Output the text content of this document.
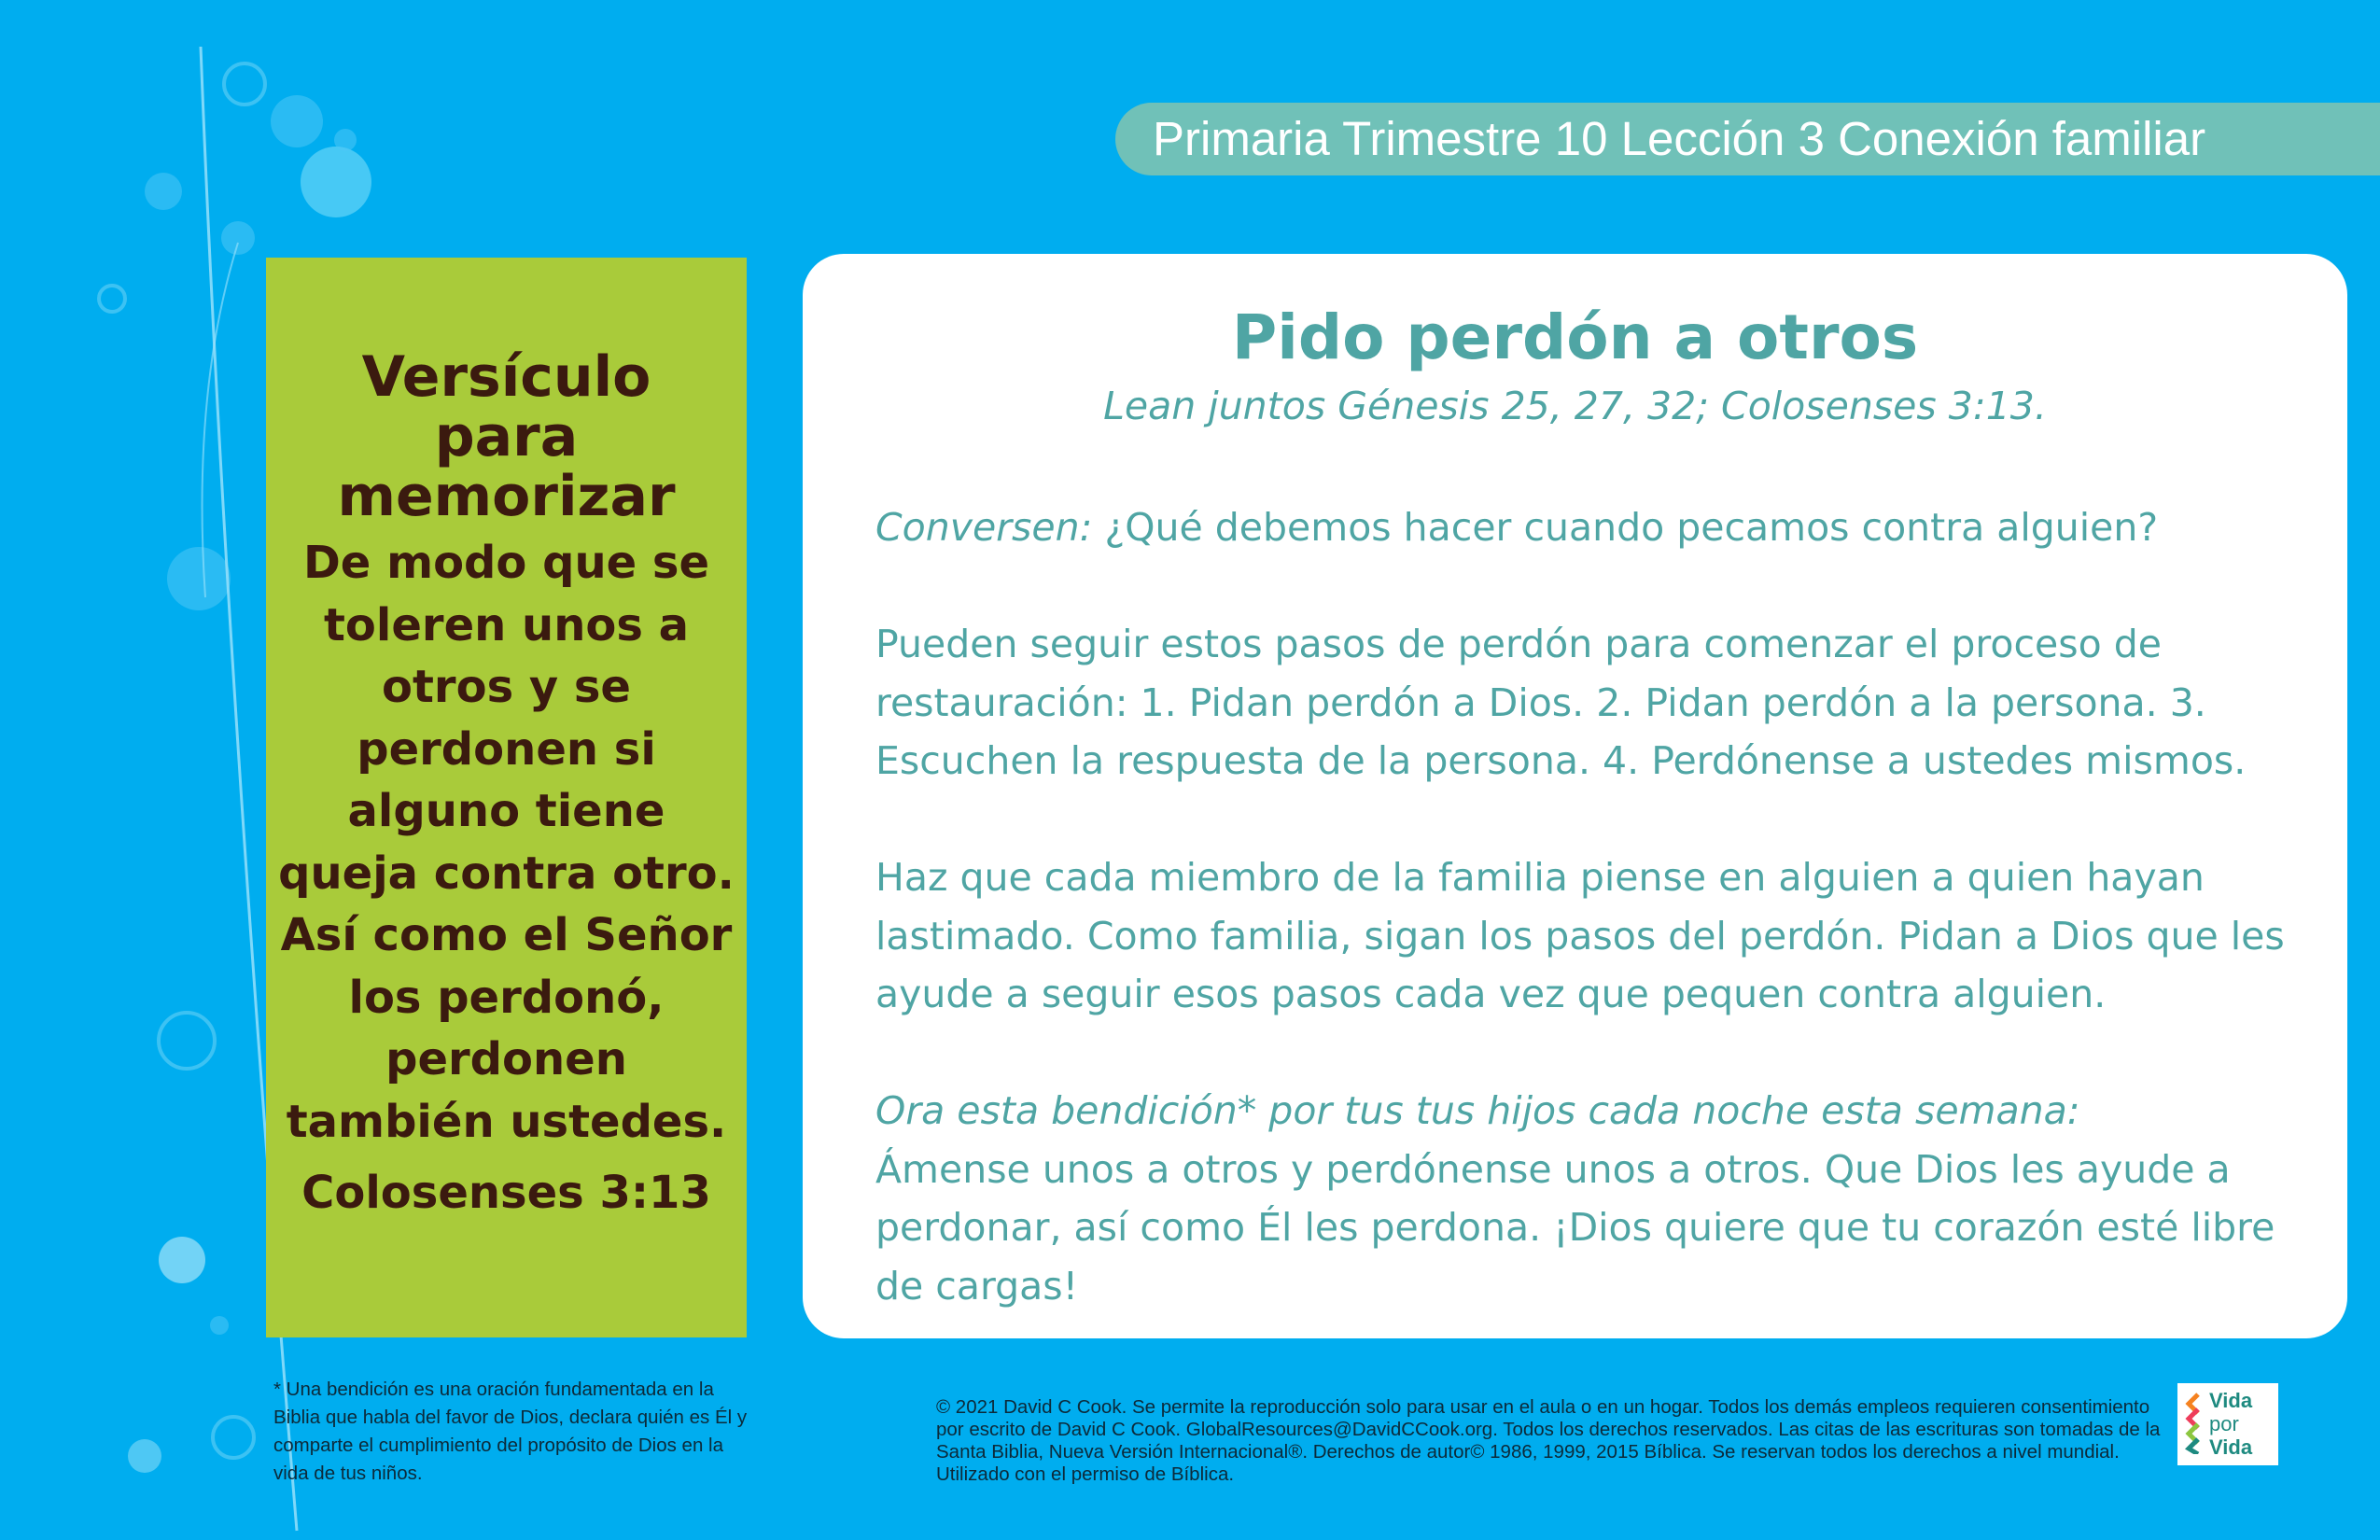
Primaria Trimestre 10 Lección 3 Conexión familiar
Versículo para memorizar
De modo que se toleren unos a otros y se perdonen si alguno tiene queja contra otro. Así como el Señor los perdonó, perdonen también ustedes.
Colosenses 3:13
Pido perdón a otros
Lean juntos Génesis 25, 27, 32; Colosenses 3:13.

Conversen: ¿Qué debemos hacer cuando pecamos contra alguien?

Pueden seguir estos pasos de perdón para comenzar el proceso de restauración: 1. Pidan perdón a Dios. 2. Pidan perdón a la persona. 3. Escuchen la respuesta de la persona. 4. Perdónense a ustedes mismos.

Haz que cada miembro de la familia piense en alguien a quien hayan lastimado. Como familia, sigan los pasos del perdón. Pidan a Dios que les ayude a seguir esos pasos cada vez que pequen contra alguien.

Ora esta bendición* por tus tus hijos cada noche esta semana:
Ámense unos a otros y perdónense unos a otros. Que Dios les ayude a perdonar, así como Él les perdona. ¡Dios quiere que tu corazón esté libre de cargas!

* Una bendición es una oración fundamentada en la Biblia que habla del favor de Dios, declara quién es Él y comparte el cumplimiento del propósito de Dios en la vida de tus niños.
© 2021 David C Cook. Se permite la reproducción solo para usar en el aula o en un hogar. Todos los demás empleos requieren consentimiento por escrito de David C Cook. GlobalResources@DavidCCook.org. Todos los derechos reservados. Las citas de las escrituras son tomadas de la Santa Biblia, Nueva Versión Internacional®. Derechos de autor© 1986, 1999, 2015 Bíblica. Se reservan todos los derechos a nivel mundial. Utilizado con el permiso de Bíblica.
Vida
por
Vida
